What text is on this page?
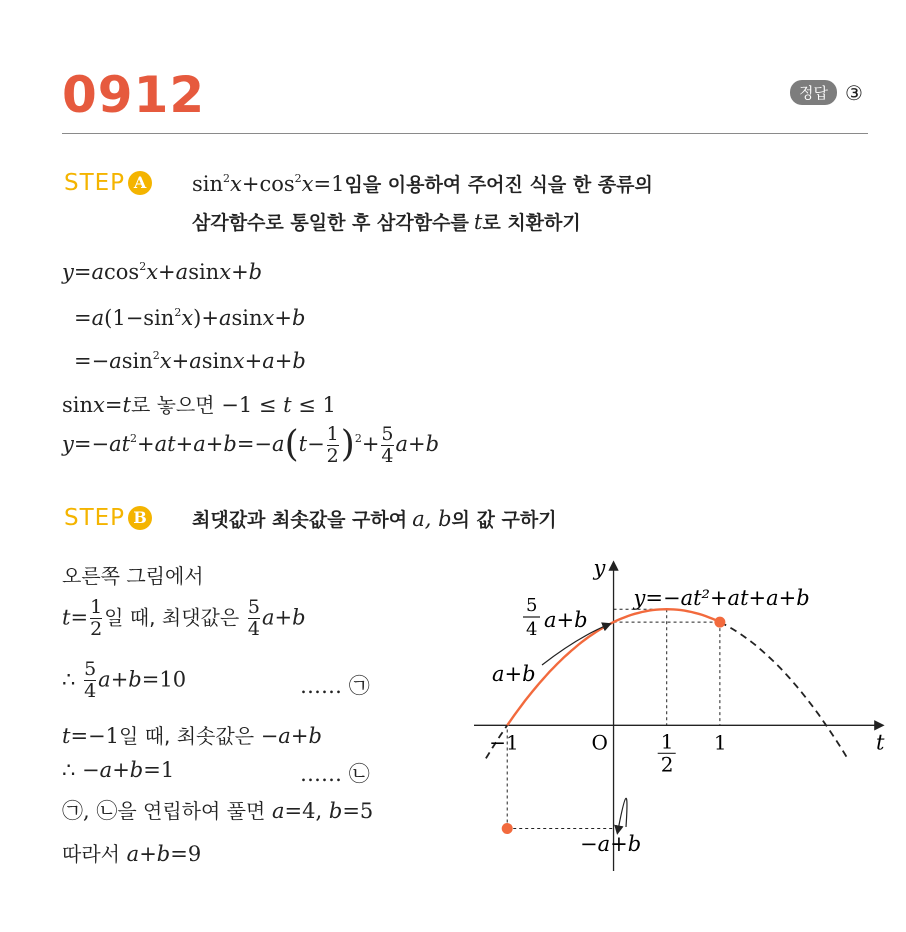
0912	정답 ③
STEP A $\sin^2x+\cos^2x=1$임을 이용하여 주어진 식을 한 종류의
삼각함수로 통일한 후 삼각함수를 t로 치환하기
y=acos$^2$x+asinx+b
$=a(1-\sin^2x)+asinx+b$
=−asin$^2$x+asinx+a+b
sinx=t로 놓으면 −1 ≤ t ≤ 1
$y=-at^2+at+a+b=-a(t- \frac{1}{2} )^2+ \frac{5}{4} a+b$
STEP B 최댓값과 최솟값을 구하여 a, b의 값 구하기
오른쪽 그림에서
$t= \frac{1}{2}$ 일 때, 최댓값은 $\frac{5}{4} a+b$
∴ $\frac{5}{4} a+b=10$	…… ㉠
t=−1일 때, 최솟값은 −a+b
∴ −a+b=1	…… ㉡
㉠, ㉡을 연립하여 풀면 a=4, b=5
따라서 a+b=9
t
y
O
−1	1
1
2
y=−at²+at+a+b
5
4 a+b
a+b
−a+b
